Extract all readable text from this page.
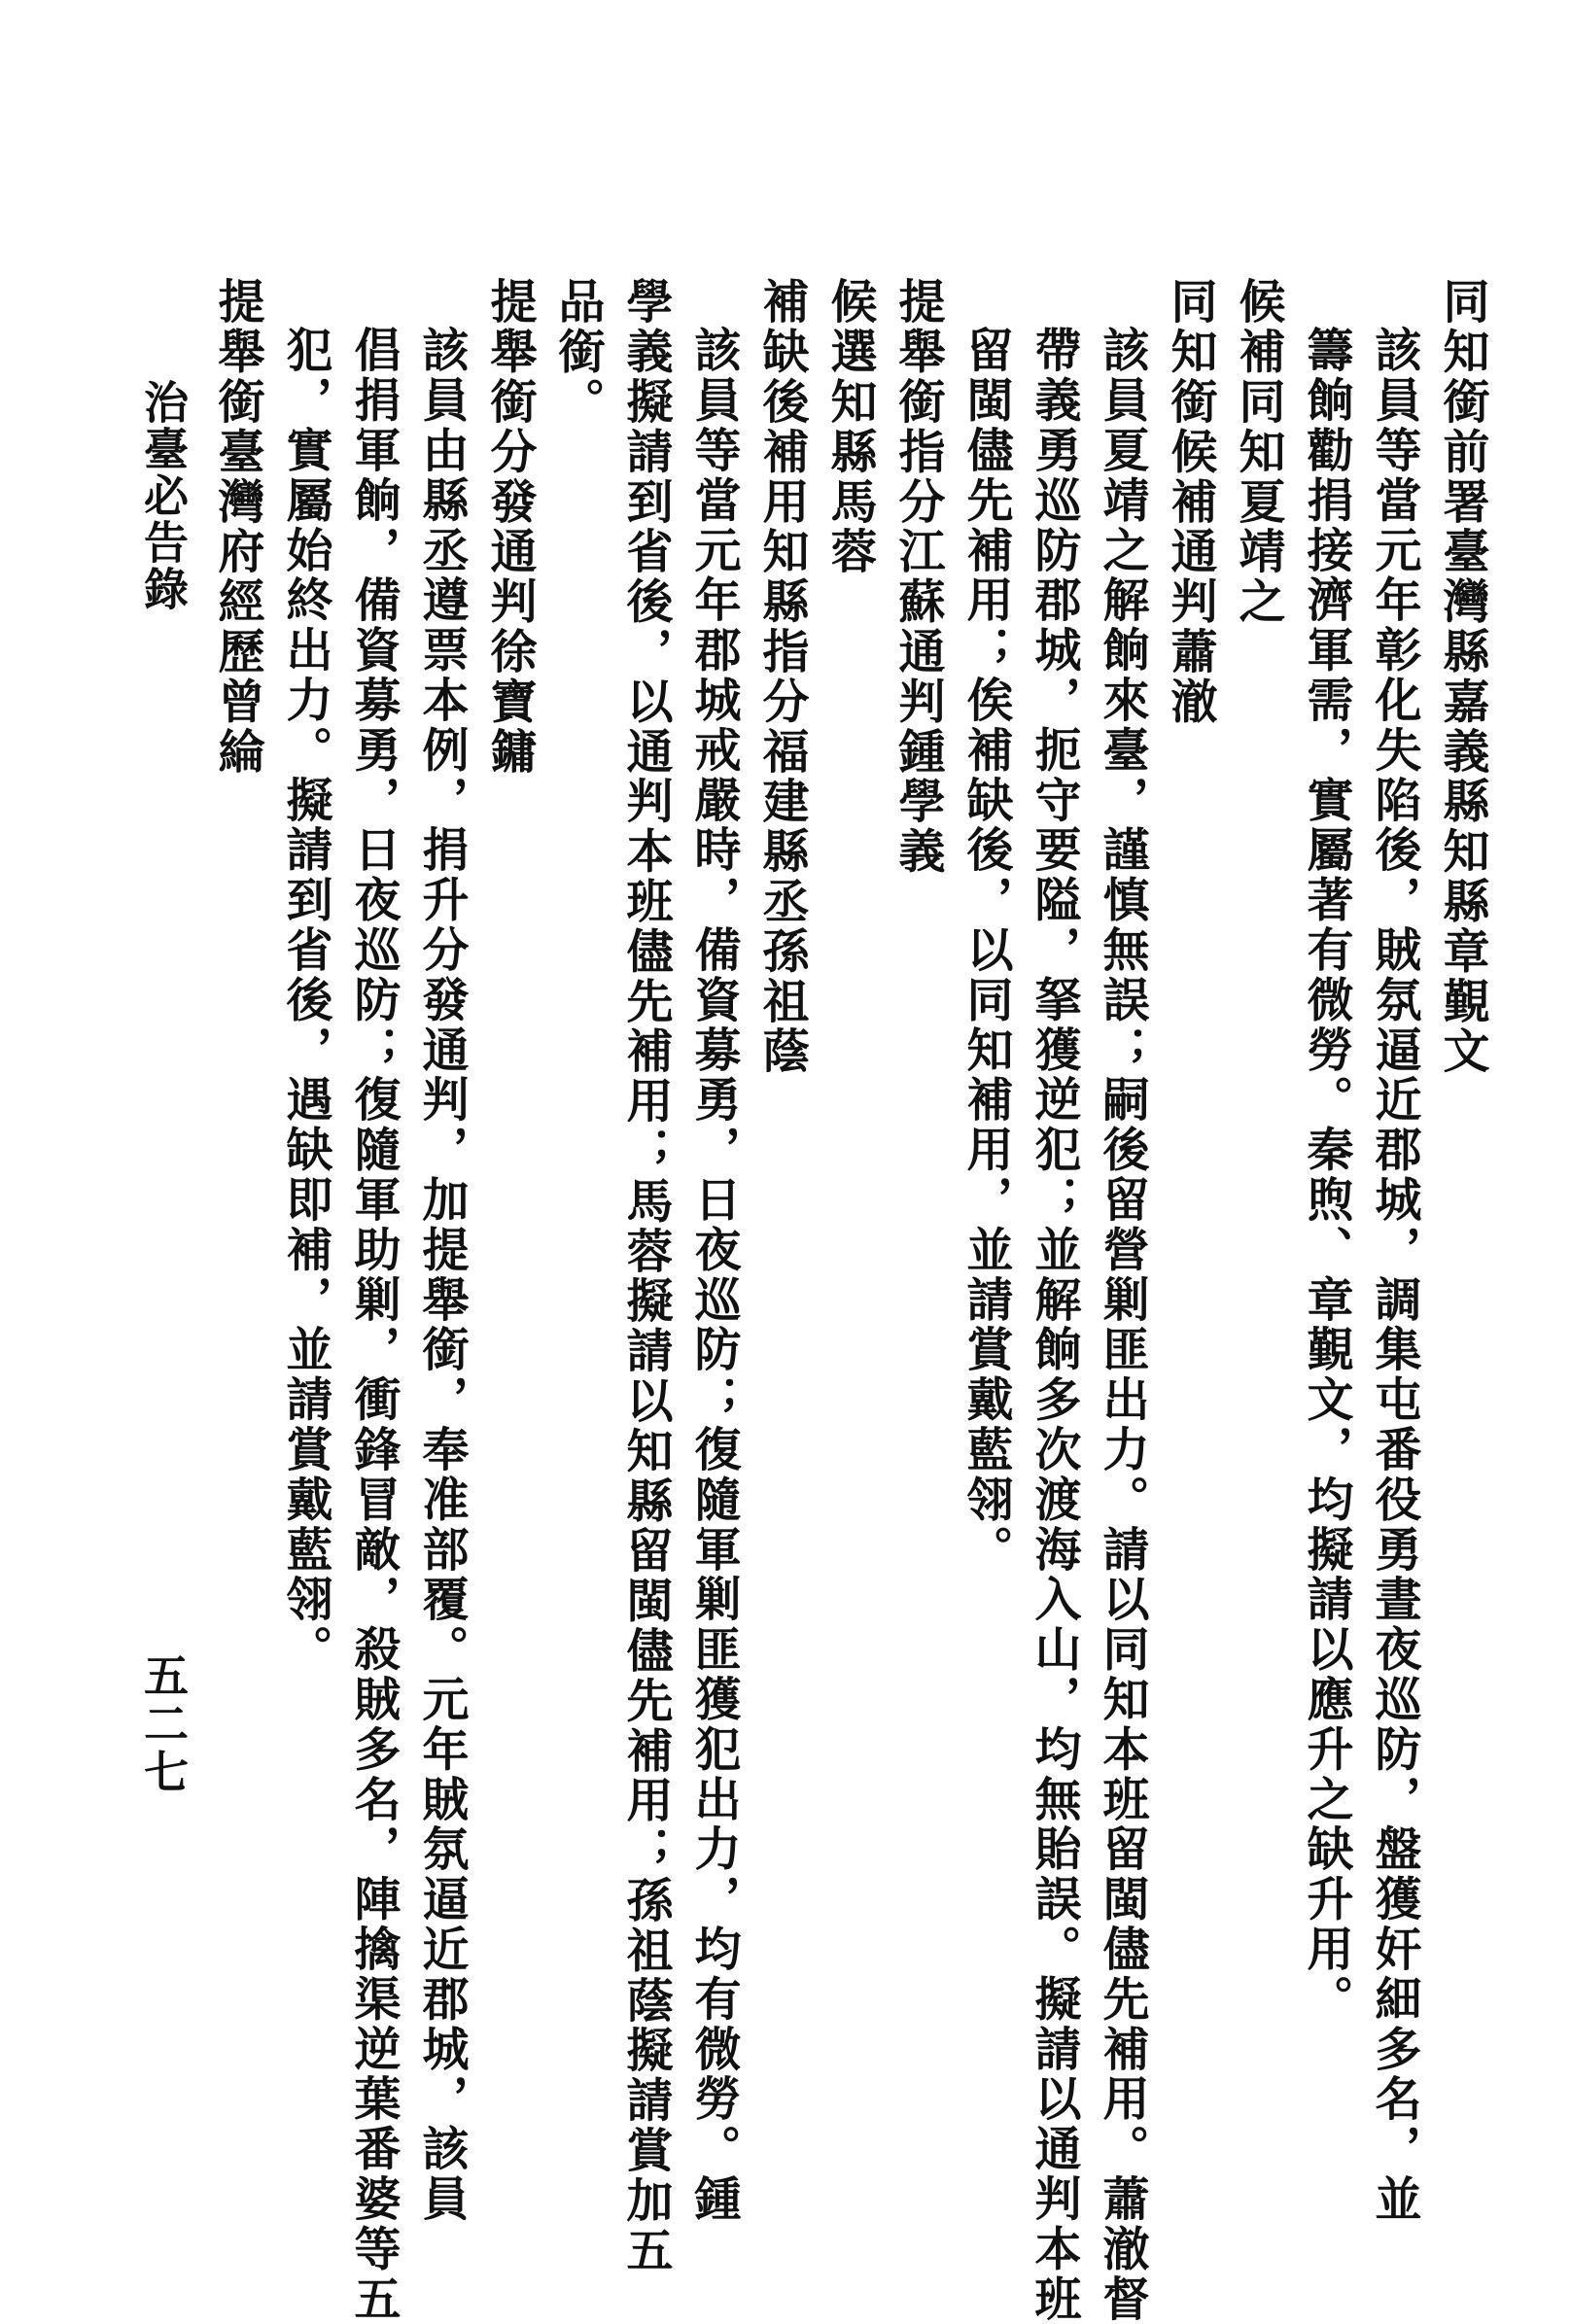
同知銜前署臺灣縣嘉義縣知縣章覲文
該員等當元年彰化失陷後，賊氛逼近郡城，調集屯番役勇晝夜巡防，盤獲奸細多名，並
籌餉勸捐接濟軍需，實屬著有微勞。秦煦、章覲文，均擬請以應升之缺升用。
候補同知夏靖之
同知銜候補通判蕭澈
該員夏靖之解餉來臺，謹慎無誤；嗣後留營剿匪出力。請以同知本班留閩儘先補用。蕭澈督
帶義勇巡防郡城，扼守要隘，拏獲逆犯；並解餉多次渡海入山，均無貽誤。擬請以通判本班
留閩儘先補用；俟補缺後，以同知補用，並請賞戴藍翎。
提舉銜指分江蘇通判鍾學義
候選知縣馬蓉
補缺後補用知縣指分福建縣丞孫祖蔭
該員等當元年郡城戒嚴時，備資募勇，日夜巡防；復隨軍剿匪獲犯出力，均有微勞。鍾
學義擬請到省後，以通判本班儘先補用；馬蓉擬請以知縣留閩儘先補用；孫祖蔭擬請賞加五
品銜。
提舉銜分發通判徐寶鏞
該員由縣丞遵票本例，捐升分發通判，加提舉銜，奉准部覆。元年賊氛逼近郡城，該員
倡捐軍餉，備資募勇，日夜巡防；復隨軍助剿，衝鋒冒敵，殺賊多名，陣擒渠逆葉番婆等五
犯，實屬始終出力。擬請到省後，遇缺即補，並請賞戴藍翎。
提舉銜臺灣府經歷曾綸
治臺必告錄
五二七
